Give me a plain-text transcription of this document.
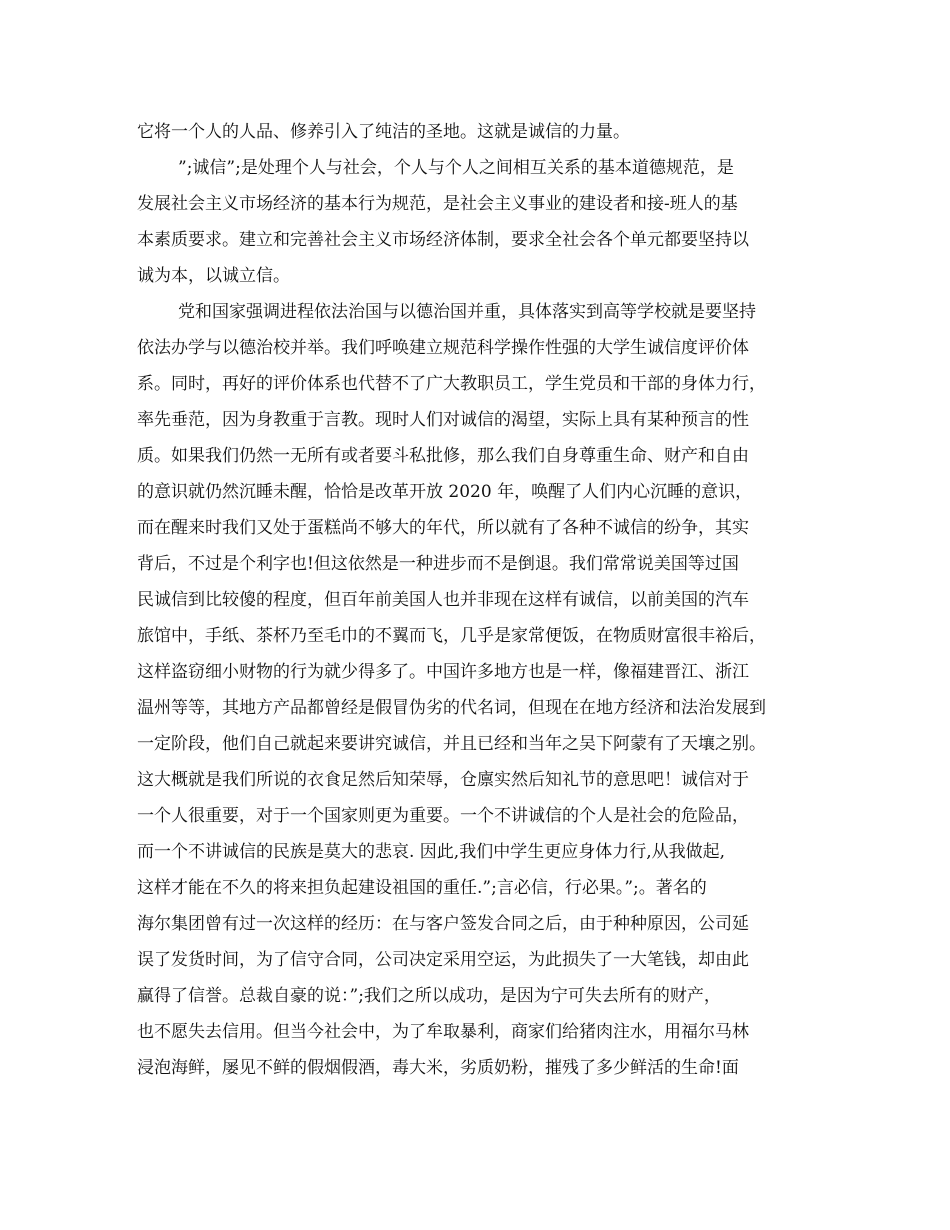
它将一个人的人品、修养引入了纯洁的圣地。这就是诚信的力量。
”;诚信”;是处理个人与社会，个人与个人之间相互关系的基本道德规范，是
发展社会主义市场经济的基本行为规范，是社会主义事业的建设者和接-班人的基
本素质要求。建立和完善社会主义市场经济体制，要求全社会各个单元都要坚持以
诚为本，以诚立信。
党和国家强调进程依法治国与以德治国并重，具体落实到高等学校就是要坚持
依法办学与以德治校并举。我们呼唤建立规范科学操作性强的大学生诚信度评价体
系。同时，再好的评价体系也代替不了广大教职员工，学生党员和干部的身体力行，
率先垂范，因为身教重于言教。现时人们对诚信的渴望，实际上具有某种预言的性
质。如果我们仍然一无所有或者要斗私批修，那么我们自身尊重生命、财产和自由
的意识就仍然沉睡未醒，恰恰是改革开放 2020 年，唤醒了人们内心沉睡的意识，
而在醒来时我们又处于蛋糕尚不够大的年代，所以就有了各种不诚信的纷争，其实
背后，不过是个利字也!但这依然是一种进步而不是倒退。我们常常说美国等过国
民诚信到比较傻的程度，但百年前美国人也并非现在这样有诚信，以前美国的汽车
旅馆中，手纸、茶杯乃至毛巾的不翼而飞，几乎是家常便饭，在物质财富很丰裕后，
这样盗窃细小财物的行为就少得多了。中国许多地方也是一样，像福建晋江、浙江
温州等等，其地方产品都曾经是假冒伪劣的代名词，但现在在地方经济和法治发展到
一定阶段，他们自己就起来要讲究诚信，并且已经和当年之吴下阿蒙有了天壤之别。
这大概就是我们所说的衣食足然后知荣辱，仓廪实然后知礼节的意思吧！诚信对于
一个人很重要，对于一个国家则更为重要。一个不讲诚信的个人是社会的危险品，
而一个不讲诚信的民族是莫大的悲哀. 因此,我们中学生更应身体力行,从我做起,
这样才能在不久的将来担负起建设祖国的重任.”;言必信，行必果。”;。著名的
海尔集团曾有过一次这样的经历：在与客户签发合同之后，由于种种原因，公司延
误了发货时间，为了信守合同，公司决定采用空运，为此损失了一大笔钱，却由此
赢得了信誉。总裁自豪的说：”;我们之所以成功，是因为宁可失去所有的财产，
也不愿失去信用。但当今社会中，为了牟取暴利，商家们给猪肉注水，用福尔马林
浸泡海鲜，屡见不鲜的假烟假酒，毒大米，劣质奶粉，摧残了多少鲜活的生命!面
